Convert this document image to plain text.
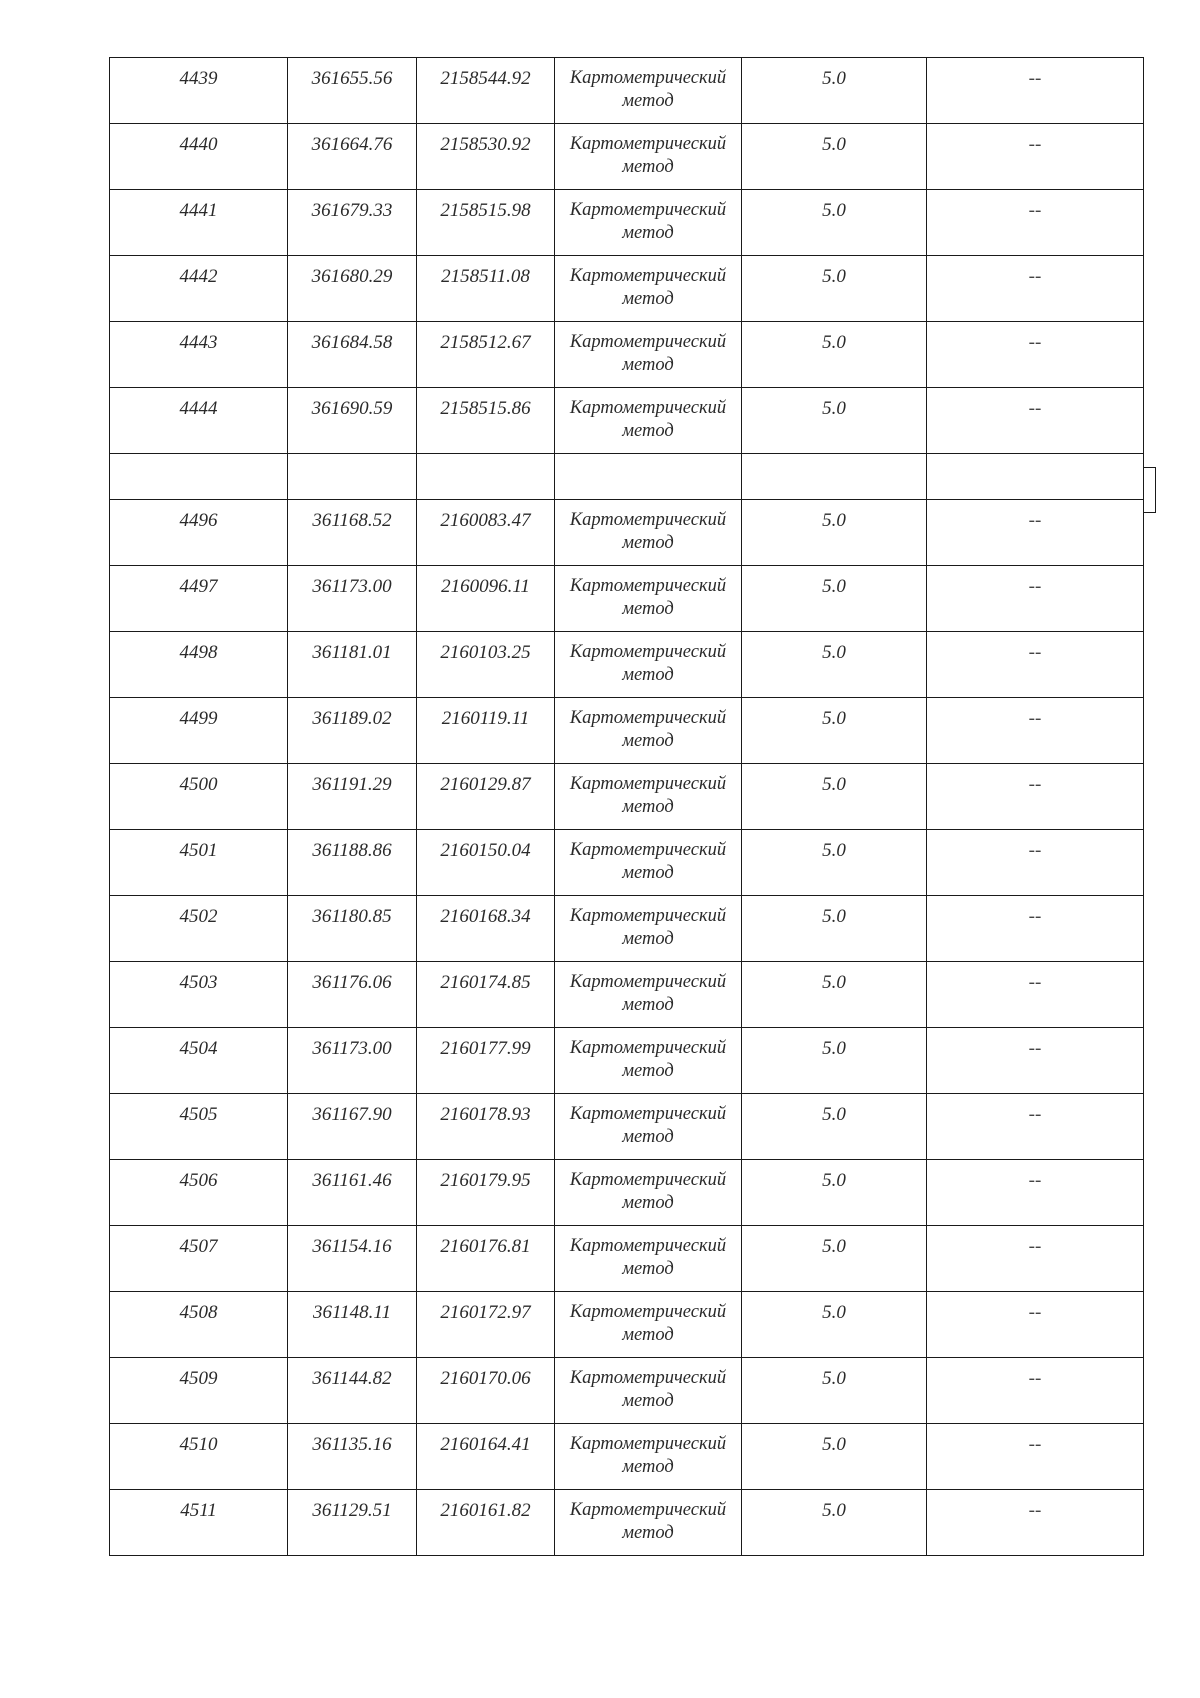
4439	361655.56	2158544.92	Картометрический
метод	5.0	--
4440	361664.76	2158530.92	Картометрический
метод	5.0	--
4441	361679.33	2158515.98	Картометрический
метод	5.0	--
4442	361680.29	2158511.08	Картометрический
метод	5.0	--
4443	361684.58	2158512.67	Картометрический
метод	5.0	--
4444	361690.59	2158515.86	Картометрический
метод	5.0	--

4496	361168.52	2160083.47	Картометрический
метод	5.0	--
4497	361173.00	2160096.11	Картометрический
метод	5.0	--
4498	361181.01	2160103.25	Картометрический
метод	5.0	--
4499	361189.02	2160119.11	Картометрический
метод	5.0	--
4500	361191.29	2160129.87	Картометрический
метод	5.0	--
4501	361188.86	2160150.04	Картометрический
метод	5.0	--
4502	361180.85	2160168.34	Картометрический
метод	5.0	--
4503	361176.06	2160174.85	Картометрический
метод	5.0	--
4504	361173.00	2160177.99	Картометрический
метод	5.0	--
4505	361167.90	2160178.93	Картометрический
метод	5.0	--
4506	361161.46	2160179.95	Картометрический
метод	5.0	--
4507	361154.16	2160176.81	Картометрический
метод	5.0	--
4508	361148.11	2160172.97	Картометрический
метод	5.0	--
4509	361144.82	2160170.06	Картометрический
метод	5.0	--
4510	361135.16	2160164.41	Картометрический
метод	5.0	--
4511	361129.51	2160161.82	Картометрический
метод	5.0	--
